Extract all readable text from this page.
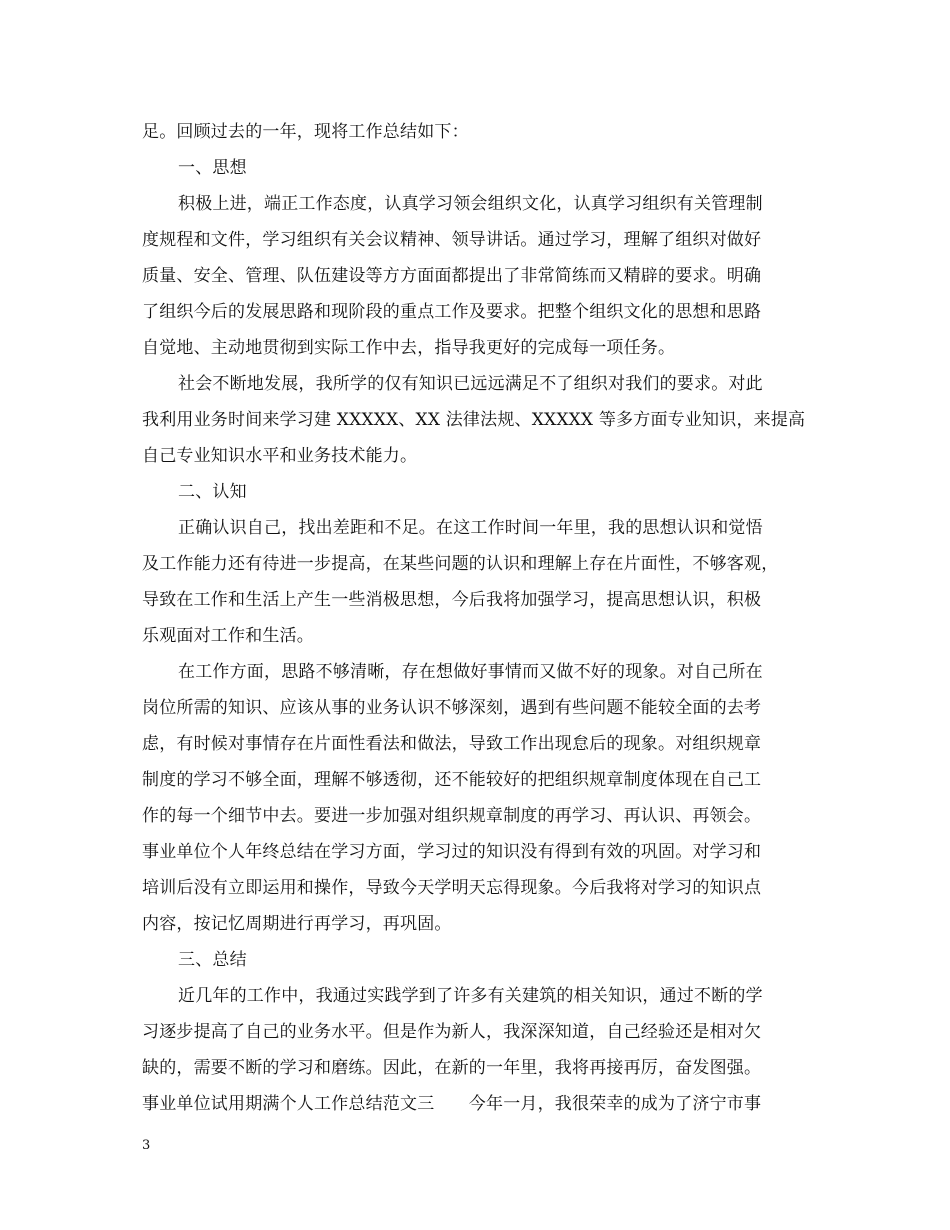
足。回顾过去的一年，现将工作总结如下：
一、思想
积极上进，端正工作态度，认真学习领会组织文化，认真学习组织有关管理制
度规程和文件，学习组织有关会议精神、领导讲话。通过学习，理解了组织对做好
质量、安全、管理、队伍建设等方方面面都提出了非常简练而又精辟的要求。明确
了组织今后的发展思路和现阶段的重点工作及要求。把整个组织文化的思想和思路
自觉地、主动地贯彻到实际工作中去，指导我更好的完成每一项任务。
社会不断地发展，我所学的仅有知识已远远满足不了组织对我们的要求。对此
我利用业务时间来学习建 XXXXX、XX 法律法规、XXXXX 等多方面专业知识，来提高
自己专业知识水平和业务技术能力。
二、认知
正确认识自己，找出差距和不足。在这工作时间一年里，我的思想认识和觉悟
及工作能力还有待进一步提高，在某些问题的认识和理解上存在片面性，不够客观，
导致在工作和生活上产生一些消极思想，今后我将加强学习，提高思想认识，积极
乐观面对工作和生活。
在工作方面，思路不够清晰，存在想做好事情而又做不好的现象。对自己所在
岗位所需的知识、应该从事的业务认识不够深刻，遇到有些问题不能较全面的去考
虑，有时候对事情存在片面性看法和做法，导致工作出现怠后的现象。对组织规章
制度的学习不够全面，理解不够透彻，还不能较好的把组织规章制度体现在自己工
作的每一个细节中去。要进一步加强对组织规章制度的再学习、再认识、再领会。
事业单位个人年终总结在学习方面，学习过的知识没有得到有效的巩固。对学习和
培训后没有立即运用和操作，导致今天学明天忘得现象。今后我将对学习的知识点
内容，按记忆周期进行再学习，再巩固。
三、总结
近几年的工作中，我通过实践学到了许多有关建筑的相关知识，通过不断的学
习逐步提高了自己的业务水平。但是作为新人，我深深知道，自己经验还是相对欠
缺的，需要不断的学习和磨练。因此，在新的一年里，我将再接再厉，奋发图强。
事业单位试用期满个人工作总结范文三　　今年一月，我很荣幸的成为了济宁市事
3
